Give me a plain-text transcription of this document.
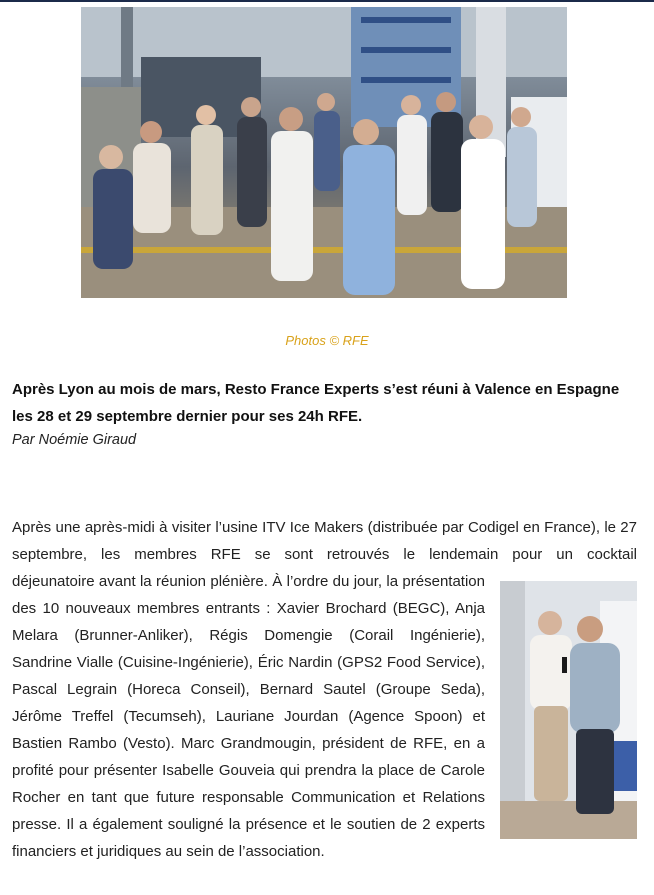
Photos © RFE
Après Lyon au mois de mars, Resto France Experts s’est réuni à Valence en Espagne les 28 et 29 septembre dernier pour ses 24h RFE.
Par Noémie Giraud
Après une après-midi à visiter l’usine ITV Ice Makers (distribuée par Codigel en France), le 27 septembre, les membres RFE se sont retrouvés le lendemain pour un cocktail
déjeunatoire avant la réunion plénière. À l’ordre du jour, la présentation des 10 nouveaux membres entrants : Xavier Brochard (BEGC), Anja Melara (Brunner-Anliker), Régis Domengie (Corail Ingénierie), Sandrine Vialle (Cuisine-Ingénierie), Éric Nardin (GPS2 Food Service), Pascal Legrain (Horeca Conseil), Bernard Sautel (Groupe Seda), Jérôme Treffel (Tecumseh), Lauriane Jourdan (Agence Spoon) et Bastien Rambo (Vesto). Marc Grandmougin, président de RFE, en a profité pour présenter Isabelle Gouveia qui prendra la place de Carole Rocher en tant que future responsable Communication et Relations presse. Il a également souligné la présence et le soutien de 2 experts financiers et juridiques au sein de l’association.
